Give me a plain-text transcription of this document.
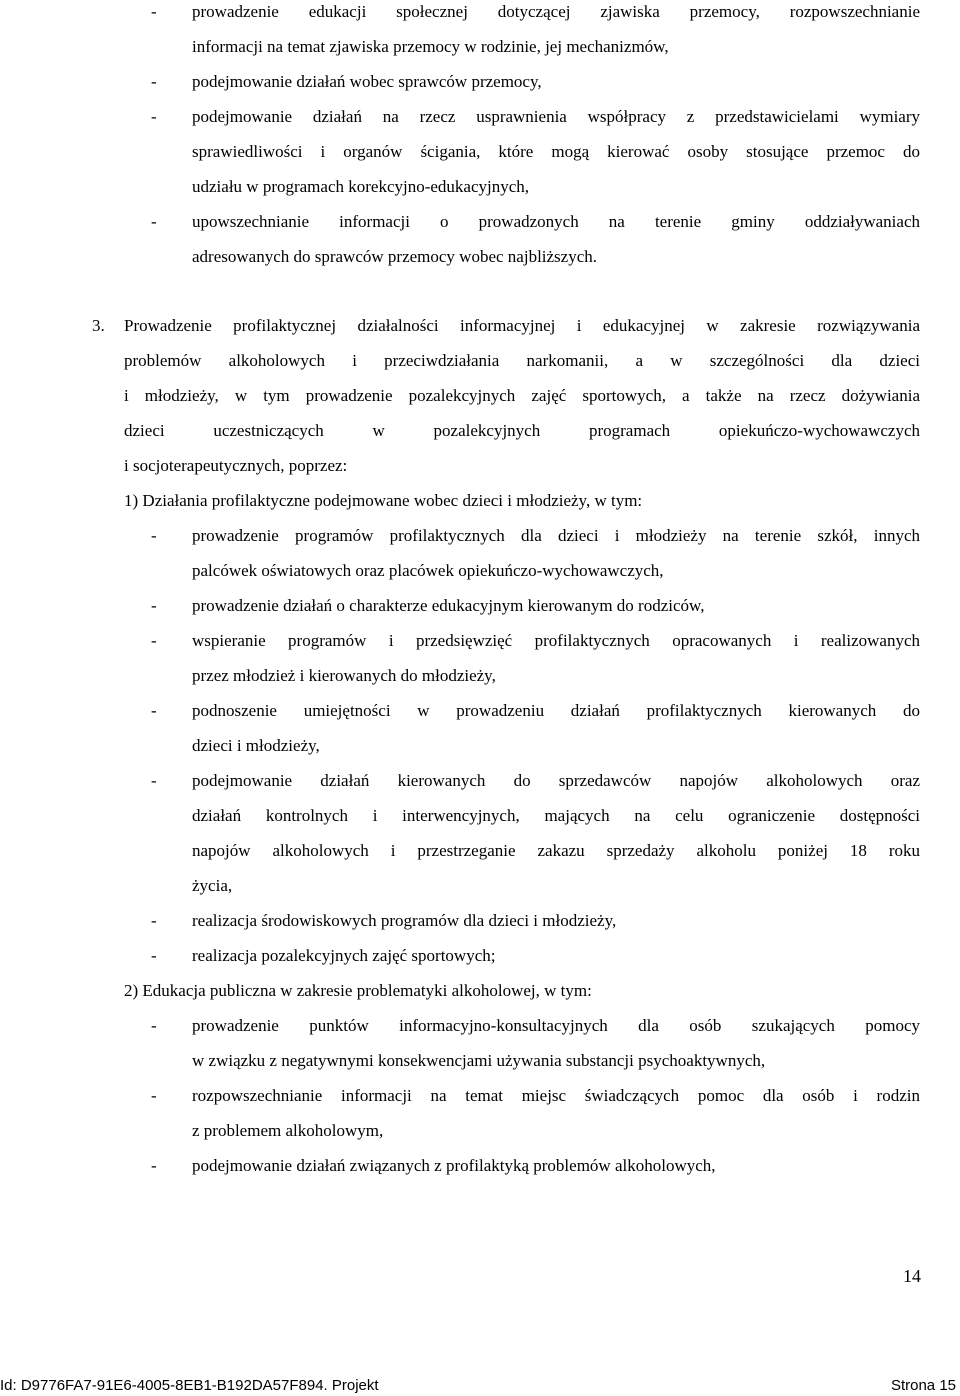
-	prowadzenie edukacji społecznej dotyczącej zjawiska przemocy, rozpowszechnianie
informacji na temat zjawiska przemocy w rodzinie, jej mechanizmów,
-	podejmowanie działań wobec sprawców przemocy,
-	podejmowanie działań na rzecz usprawnienia współpracy z przedstawicielami wymiary
sprawiedliwości i organów ścigania, które mogą kierować osoby stosujące przemoc do
udziału w programach korekcyjno-edukacyjnych,
-	upowszechnianie informacji o prowadzonych na terenie gminy oddziaływaniach
adresowanych do sprawców przemocy wobec najbliższych.
3. Prowadzenie profilaktycznej działalności informacyjnej i edukacyjnej w zakresie rozwiązywania
problemów alkoholowych i przeciwdziałania narkomanii, a w szczególności dla dzieci
i młodzieży, w tym prowadzenie pozalekcyjnych zajęć sportowych, a także na rzecz dożywiania
dzieci uczestniczących w pozalekcyjnych programach opiekuńczo-wychowawczych
i socjoterapeutycznych, poprzez:
1) Działania profilaktyczne podejmowane wobec dzieci i młodzieży, w tym:
-	prowadzenie programów profilaktycznych dla dzieci i młodzieży na terenie szkół, innych
palcówek oświatowych oraz placówek opiekuńczo-wychowawczych,
-	prowadzenie działań o charakterze edukacyjnym kierowanym do rodziców,
-	wspieranie programów i przedsięwzięć profilaktycznych opracowanych i realizowanych
przez młodzież i kierowanych do młodzieży,
-	podnoszenie umiejętności w prowadzeniu działań profilaktycznych kierowanych do
dzieci i młodzieży,
-	podejmowanie działań kierowanych do sprzedawców napojów alkoholowych oraz
działań kontrolnych i interwencyjnych, mających na celu ograniczenie dostępności
napojów alkoholowych i przestrzeganie zakazu sprzedaży alkoholu poniżej 18 roku
życia,
-	realizacja środowiskowych programów dla dzieci i młodzieży,
-	realizacja pozalekcyjnych zajęć sportowych;
2) Edukacja publiczna w zakresie problematyki alkoholowej, w tym:
-	prowadzenie punktów informacyjno-konsultacyjnych dla osób szukających pomocy
w związku z negatywnymi konsekwencjami używania substancji psychoaktywnych,
-	rozpowszechnianie informacji na temat miejsc świadczących pomoc dla osób i rodzin
z problemem alkoholowym,
-	podejmowanie działań związanych z profilaktyką problemów alkoholowych,
14
Id: D9776FA7-91E6-4005-8EB1-B192DA57F894. Projekt	Strona 15
